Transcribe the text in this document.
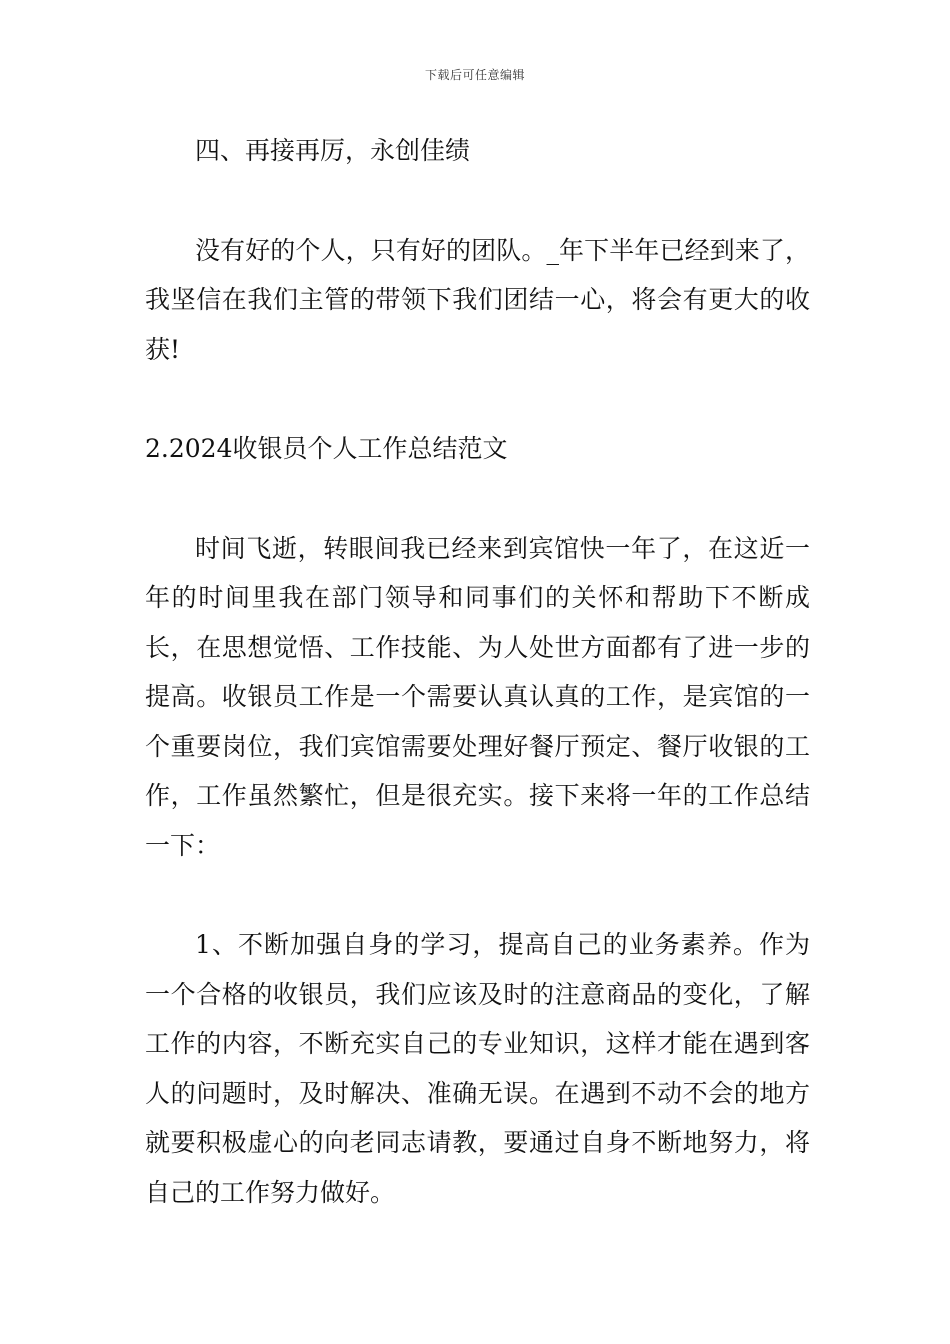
下载后可任意编辑

四、再接再厉，永创佳绩

没有好的个人，只有好的团队。_年下半年已经到来了，我坚信在我们主管的带领下我们团结一心，将会有更大的收获!

2.2024收银员个人工作总结范文

时间飞逝，转眼间我已经来到宾馆快一年了，在这近一年的时间里我在部门领导和同事们的关怀和帮助下不断成长，在思想觉悟、工作技能、为人处世方面都有了进一步的提高。收银员工作是一个需要认真认真的工作，是宾馆的一个重要岗位，我们宾馆需要处理好餐厅预定、餐厅收银的工作，工作虽然繁忙，但是很充实。接下来将一年的工作总结一下：

1、不断加强自身的学习，提高自己的业务素养。作为一个合格的收银员，我们应该及时的注意商品的变化，了解工作的内容，不断充实自己的专业知识，这样才能在遇到客人的问题时，及时解决、准确无误。在遇到不动不会的地方就要积极虚心的向老同志请教，要通过自身不断地努力，将自己的工作努力做好。
